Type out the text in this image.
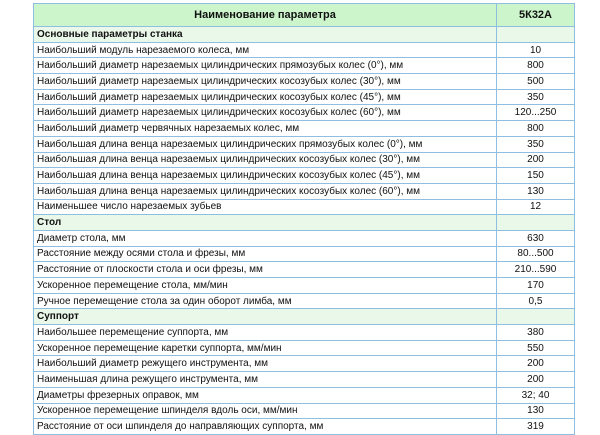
Наименование параметра	5К32А
Основные параметры станка	
Наибольший модуль нарезаемого колеса, мм	10
Наибольший диаметр нарезаемых цилиндрических прямозубых колес (0°), мм	800
Наибольший диаметр нарезаемых цилиндрических косозубых колес (30°), мм	500
Наибольший диаметр нарезаемых цилиндрических косозубых колес (45°), мм	350
Наибольший диаметр нарезаемых цилиндрических косозубых колес (60°), мм	120...250
Наибольший диаметр червячных нарезаемых колес, мм	800
Наибольшая длина венца нарезаемых цилиндрических прямозубых колес (0°), мм	350
Наибольшая длина венца нарезаемых цилиндрических косозубых колес (30°), мм	200
Наибольшая длина венца нарезаемых цилиндрических косозубых колес (45°), мм	150
Наибольшая длина венца нарезаемых цилиндрических косозубых колес (60°), мм	130
Наименьшее число нарезаемых зубьев	12
Стол	
Диаметр стола, мм	630
Расстояние между осями стола и фрезы, мм	80...500
Расстояние от плоскости стола и оси фрезы, мм	210...590
Ускоренное перемещение стола, мм/мин	170
Ручное перемещение стола за один оборот лимба, мм	0,5
Суппорт	
Наибольшее перемещение суппорта, мм	380
Ускоренное перемещение каретки суппорта, мм/мин	550
Наибольший диаметр режущего инструмента, мм	200
Наименьшая длина режущего инструмента, мм	200
Диаметры фрезерных оправок, мм	32; 40
Ускоренное перемещение шпинделя вдоль оси, мм/мин	130
Расстояние от оси шпинделя до направляющих суппорта, мм	319
